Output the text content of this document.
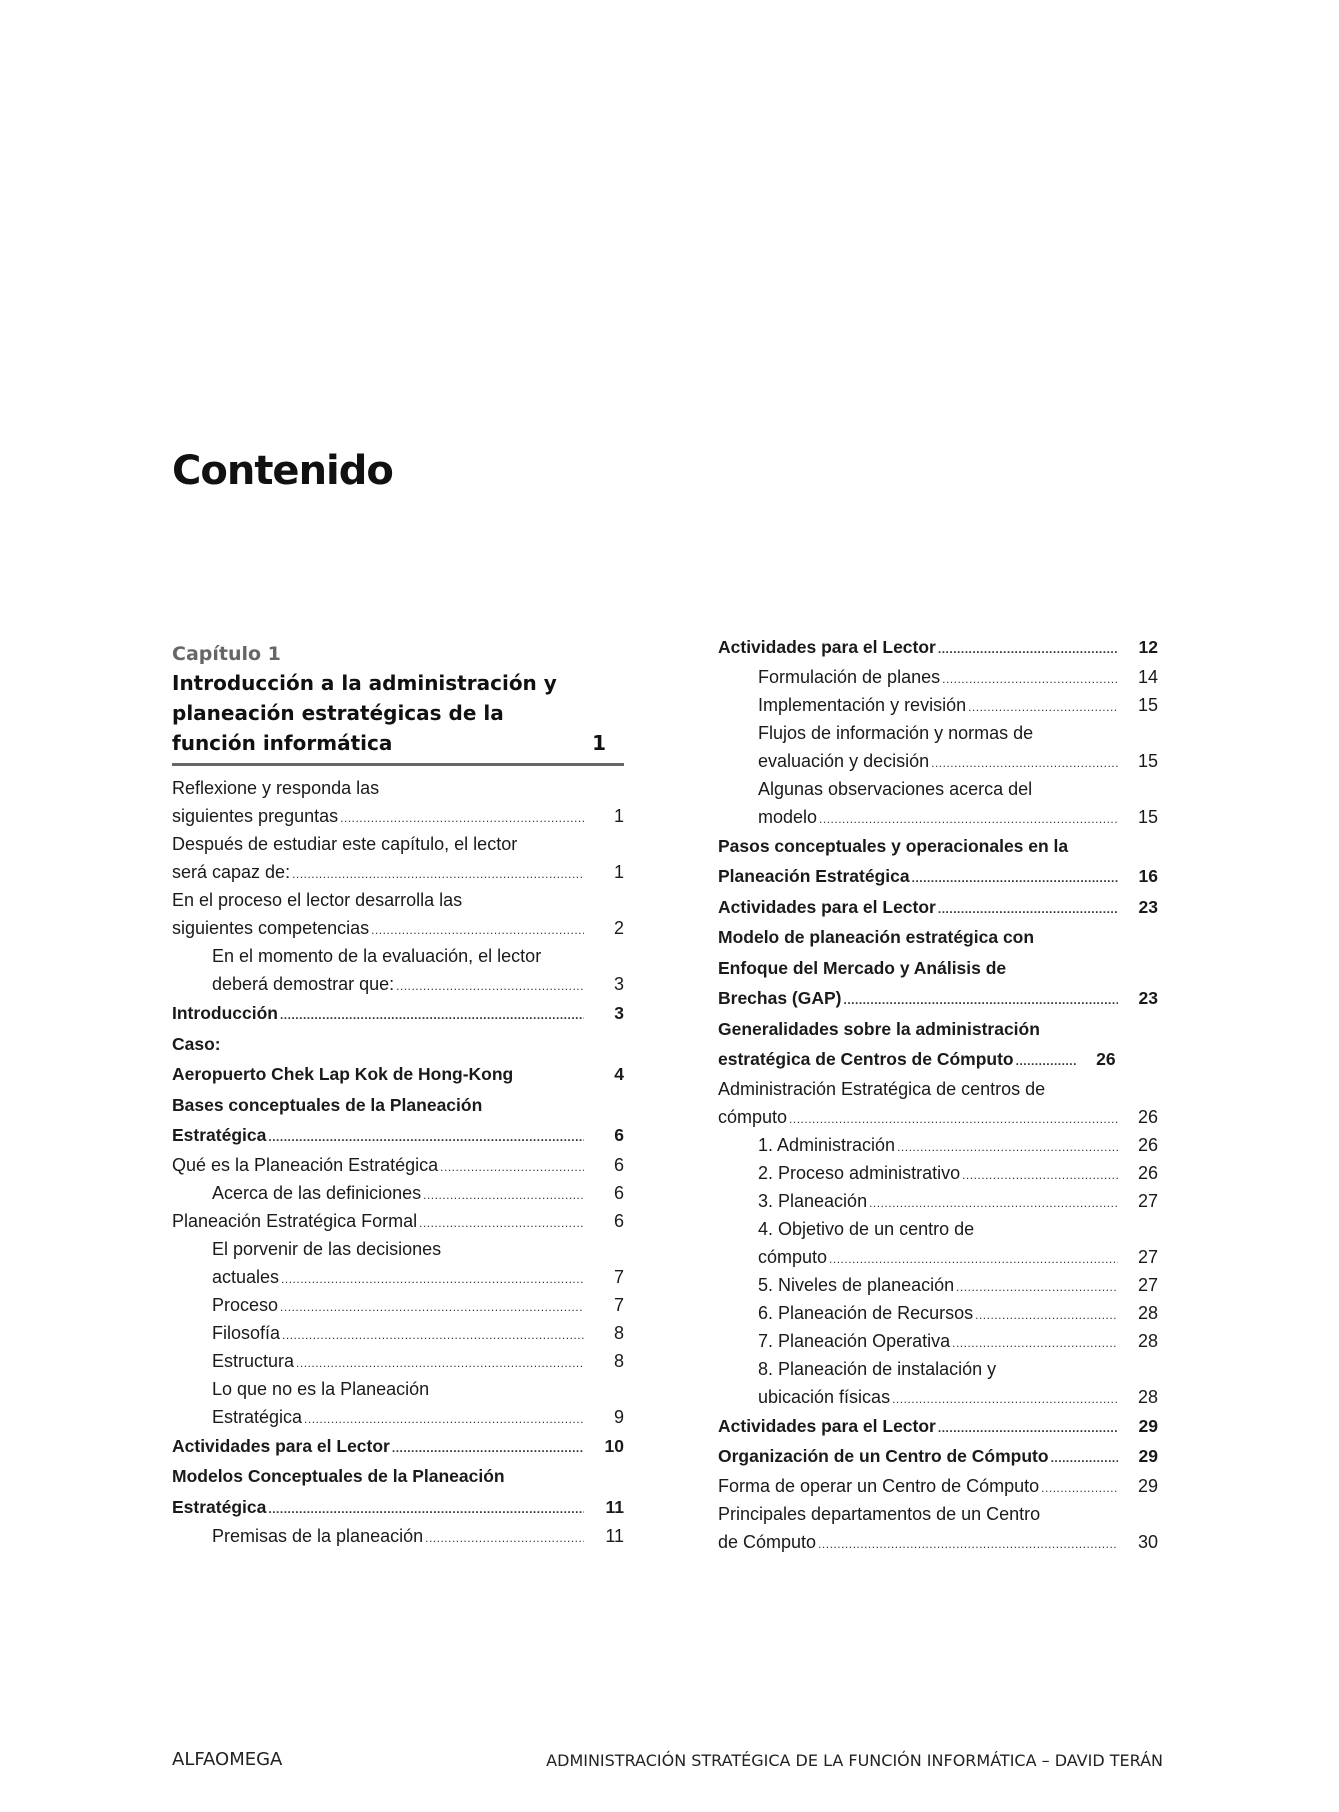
Contenido
Capítulo 1
Introducción a la administración y
planeación estratégicas de la
función informática	1
Reflexione y responda las
siguientes preguntas .....	1
Después de estudiar este capítulo, el lector
será capaz de: .....	1
En el proceso el lector desarrolla las
siguientes competencias .....	2
En el momento de la evaluación, el lector
deberá demostrar que: .....	3
Introducción .....	3
Caso:
Aeropuerto Chek Lap Kok de Hong-Kong	4
Bases conceptuales de la Planeación
Estratégica .....	6
Qué es la Planeación Estratégica .....	6
Acerca de las definiciones .....	6
Planeación Estratégica Formal .....	6
El porvenir de las decisiones
actuales .....	7
Proceso .....	7
Filosofía .....	8
Estructura .....	8
Lo que no es la Planeación
Estratégica .....	9
Actividades para el Lector .....	10
Modelos Conceptuales de la Planeación
Estratégica .....	11
Premisas de la planeación .....	11
Actividades para el Lector .....	12
Formulación de planes .....	14
Implementación y revisión .....	15
Flujos de información y normas de
evaluación y decisión .....	15
Algunas observaciones acerca del
modelo .....	15
Pasos conceptuales y operacionales en la
Planeación Estratégica .....	16
Actividades para el Lector .....	23
Modelo de planeación estratégica con
Enfoque del Mercado y Análisis de
Brechas (GAP) .....	23
Generalidades sobre la administración
estratégica de Centros de Cómputo .....	26
Administración Estratégica de centros de
cómputo .....	26
1. Administración .....	26
2. Proceso administrativo .....	26
3. Planeación .....	27
4. Objetivo de un centro de
cómputo .....	27
5. Niveles de planeación .....	27
6. Planeación de Recursos .....	28
7. Planeación Operativa .....	28
8. Planeación de instalación y
ubicación físicas .....	28
Actividades para el Lector .....	29
Organización de un Centro de Cómputo .....	29
Forma de operar un Centro de Cómputo .....	29
Principales departamentos de un Centro
de Cómputo .....	30
ALFAOMEGA	ADMINISTRACIÓN STRATÉGICA DE LA FUNCIÓN INFORMÁTICA – DAVID TERÁN
